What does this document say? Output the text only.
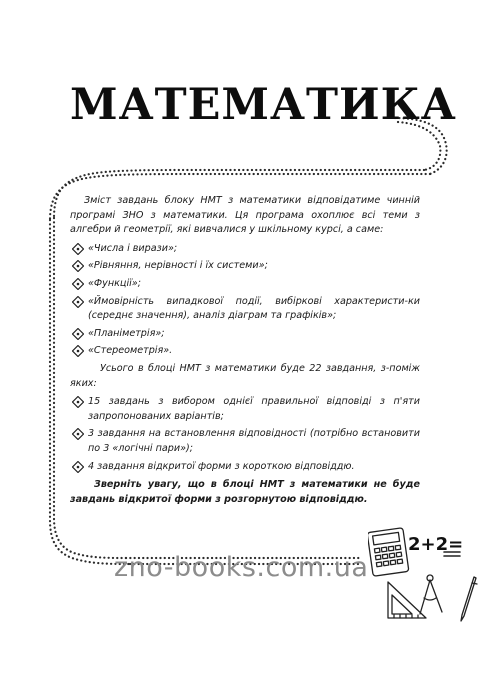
МАТЕМАТИКА

Зміст завдань блоку НМТ з математики відповідатиме чинній програмі ЗНО з математики. Ця програма охоплює всі теми з алгебри й геометрії, які вивчалися у шкільному курсі, а саме:

«Числа і вирази»;
«Рівняння, нерівності і їх системи»;
«Функції»;
«Ймовірність випадкової події, вибіркові характеристи-ки (середнє значення), аналіз діаграм та графіків»;
«Планіметрія»;
«Стереометрія».

Усього в блоці НМТ з математики буде 22 завдання, з-поміж яких:

15 завдань з вибором однієї правильної відповіді з п'яти запропонованих варіантів;
3 завдання на встановлення відповідності (потрібно встановити по 3 «логічні пари»);
4 завдання відкритої форми з короткою відповіддю.

Зверніть увагу, що в блоці НМТ з математики не буде завдань відкритої форми з розгорнутою відповіддю.

2+2=
zno-books.com.ua
